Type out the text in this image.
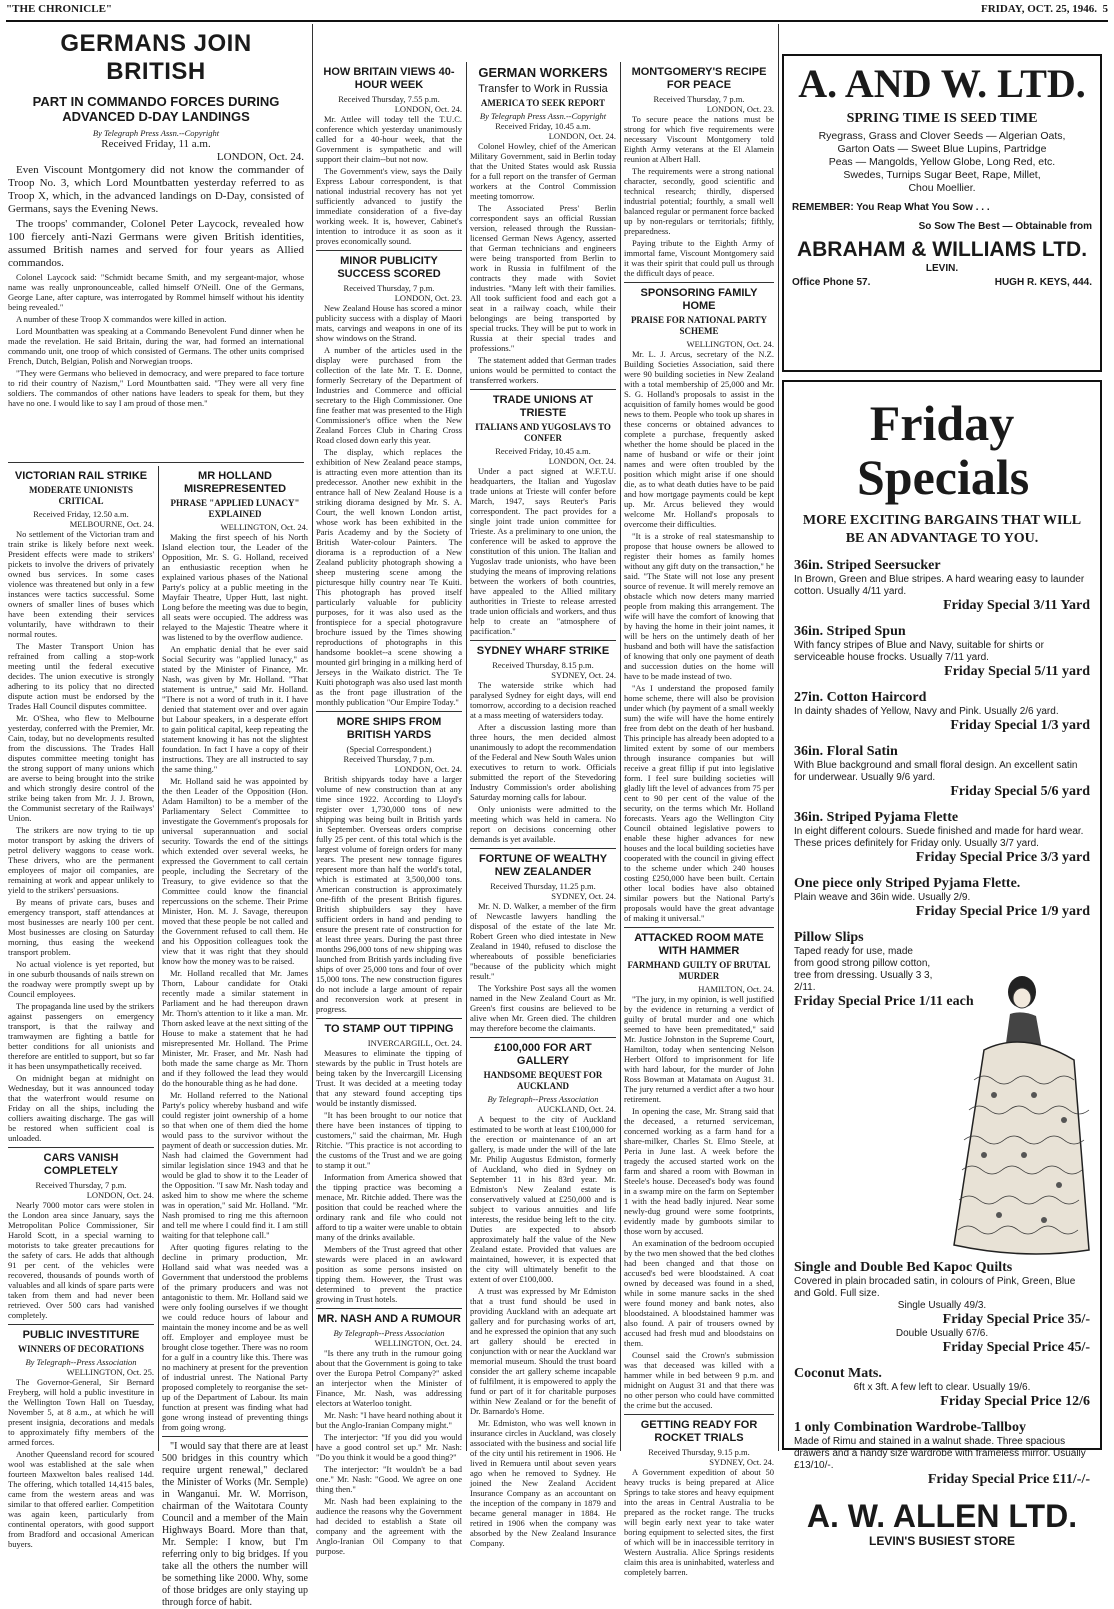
"THE CHRONICLE"	FRIDAY, OCT. 25, 1946. 5
GERMANS JOIN BRITISH
PART IN COMMANDO FORCES DURING ADVANCED D-DAY LANDINGS
By Telegraph Press Assn.--Copyright
Received Friday, 11 a.m.
LONDON, Oct. 24.

Even Viscount Montgomery did not know the commander of Troop No. 3, which Lord Mountbatten yesterday referred to as Troop X, which, in the advanced landings on D-Day, consisted of Germans, says the Evening News.

The troops' commander, Colonel Peter Laycock, revealed how 100 fiercely anti-Nazi Germans were given British identities, assumed British names and served for four years as Allied commandos.

Colonel Laycock said: "Schmidt became Smith, and my sergeant-major, whose name was really unpronounceable, called himself O'Neill. One of the Germans, George Lane, after capture, was interrogated by Rommel himself without his identity being revealed."

A number of these Troop X commandos were killed in action.

Lord Mountbatten was speaking at a Commando Benevolent Fund dinner when he made the revelation. He said Britain, during the war, had formed an international commando unit, one troop of which consisted of Germans. The other units comprised French, Dutch, Belgian, Polish and Norwegian troops.

"They were Germans who believed in democracy, and were prepared to face torture to rid their country of Nazism," Lord Mountbatten said. "They were all very fine soldiers. The commandos of other nations have leaders to speak for them, but they have no one. I would like to say I am proud of those men."

VICTORIAN RAIL STRIKE
MODERATE UNIONISTS CRITICAL
Received Friday, 12.50 a.m.
MELBOURNE, Oct. 24.

No settlement of the Victorian tram and train strike is likely before next week. President effects were made to strikers' pickets to involve the drivers of privately owned bus services. In some cases violence was threatened but only in a few instances were tactics successful. Some owners of smaller lines of buses which have been extending their services voluntarily, have withdrawn to their normal routes.

The Master Transport Union has refrained from calling a stop-work meeting until the federal executive decides. The union executive is strongly adhering to its policy that no directed dispute action must be endorsed by the Trades Hall Council disputes committee.

Mr. O'Shea, who flew to Melbourne yesterday, conferred with the Premier, Mr. Cain, today, but no developments resulted from the discussions. The Trades Hall disputes committee meeting tonight has the strong support of many unions which are averse to being brought into the strike and which strongly desire control of the strike being taken from Mr. J. J. Brown, the Communist secretary of the Railways' Union.

The strikers are now trying to tie up motor transport by asking the drivers of petrol delivery waggons to cease work. These drivers, who are the permanent employees of major oil companies, are remaining at work and appear unlikely to yield to the strikers' persuasions.

By means of private cars, buses and emergency transport, staff attendances at most businesses are nearly 100 per cent. Most businesses are closing on Saturday morning, thus easing the weekend transport problem.

No actual violence is yet reported, but in one suburb thousands of nails strewn on the roadway were promptly swept up by Council employees.

The propaganda line used by the strikers against passengers on emergency transport, is that the railway and tramwaymen are fighting a battle for better conditions for all unionists and therefore are entitled to support, but so far it has been unsympathetically received.

On midnight began at midnight on Wednesday, but it was announced today that the waterfront would resume on Friday on all the ships, including the colliers awaiting discharge. The gas will be restored when sufficient coal is unloaded.

CARS VANISH COMPLETELY
Received Thursday, 7 p.m.
LONDON, Oct. 24.

Nearly 7000 motor cars were stolen in the London area since January, says the Metropolitan Police Commissioner, Sir Harold Scott, in a special warning to motorists to take greater precautions for the safety of cars. He adds that although 91 per cent. of the vehicles were recovered, thousands of pounds worth of valuables and all kinds of spare parts were taken from them and had never been retrieved. Over 500 cars had vanished completely.

PUBLIC INVESTITURE
WINNERS OF DECORATIONS
By Telegraph--Press Association
WELLINGTON, Oct. 25.

The Governor-General, Sir Bernard Freyberg, will hold a public investiture in the Wellington Town Hall on Tuesday, November 5, at 8 a.m., at which he will present insignia, decorations and medals to approximately fifty members of the armed forces.

Another Queensland record for scoured wool was established at the sale when fourteen Maxwelton bales realised 14d. The offering, which totalled 14,415 bales, came from the western areas and was similar to that offered earlier. Competition was again keen, particularly from continental operators, with good support from Bradford and occasional American buyers.

MR HOLLAND MISREPRESENTED
PHRASE "APPLIED LUNACY" EXPLAINED
WELLINGTON, Oct. 24.

Making the first speech of his North Island election tour, the Leader of the Opposition, Mr. S. G. Holland, received an enthusiastic reception when he explained various phases of the National Party's policy at a public meeting in the Mayfair Theatre, Upper Hutt, last night. Long before the meeting was due to begin, all seats were occupied. The address was relayed to the Majestic Theatre where it was listened to by the overflow audience.

An emphatic denial that he ever said Social Security was "applied lunacy," as stated by the Minister of Finance, Mr. Nash, was given by Mr. Holland. "That statement is untrue," said Mr. Holland. "There is not a word of truth in it. I have denied that statement over and over again but Labour speakers, in a desperate effort to gain political capital, keep repeating the statement knowing it has not the slightest foundation. In fact I have a copy of their instructions. They are all instructed to say the same thing."

Mr. Holland said he was appointed by the then Leader of the Opposition (Hon. Adam Hamilton) to be a member of the Parliamentary Select Committee to investigate the Government's proposals for universal superannuation and social security. Towards the end of the sittings which extended over several weeks, he expressed the Government to call certain people, including the Secretary of the Treasury, to give evidence so that the Committee could know the financial repercussions on the scheme. Their Prime Minister, Hon. M. J. Savage, thereupon moved that these people be not called and the Government refused to call them. He and his Opposition colleagues took the view that it was right that they should know how the money was to be raised.

Mr. Holland recalled that Mr. James Thorn, Labour candidate for Otaki recently made a similar statement in Parliament and he had thereupon drawn Mr. Thorn's attention to it like a man. Mr. Thorn asked leave at the next sitting of the House to make a statement that he had misrepresented Mr. Holland. The Prime Minister, Mr. Fraser, and Mr. Nash had both made the same charge as Mr. Thorn and if they followed the lead they would do the honourable thing as he had done.

Mr. Holland referred to the National Party's policy whereby husband and wife could register joint ownership of a home so that when one of them died the home would pass to the survivor without the payment of death or succession duties. Mr. Nash had claimed the Government had similar legislation since 1943 and that he would be glad to show it to the Leader of the Opposition. "I saw Mr. Nash today and asked him to show me where the scheme was in operation," said Mr. Holland. "Mr. Nash promised to ring me this afternoon and tell me where I could find it. I am still waiting for that telephone call."

After quoting figures relating to the decline in primary production, Mr. Holland said what was needed was a Government that understood the problems of the primary producers and was not antagonistic to them. Mr. Holland said we were only fooling ourselves if we thought we could reduce hours of labour and maintain the money income and be as well off. Employer and employee must be brought close together. There was no room for a gulf in a country like this. There was no machinery at present for the prevention of industrial unrest. The National Party proposed completely to reorganise the set-up of the Department of Labour. Its main function at present was finding what had gone wrong instead of preventing things from going wrong.

"I would say that there are at least 500 bridges in this country which require urgent renewal," declared the Minister of Works (Mr. Semple) in Wanganui. Mr. W. Morrison, chairman of the Waitotara County Council and a member of the Main Highways Board. More than that, Mr. Semple: I know, but I'm referring only to big bridges. If you take all the others the number will be something like 2000. Why, some of those bridges are only staying up through force of habit.

HOW BRITAIN VIEWS 40-HOUR WEEK
Received Thursday, 7.55 p.m.
LONDON, Oct. 24.

Mr. Attlee will today tell the T.U.C. conference which yesterday unanimously called for a 40-hour week, that the Government is sympathetic and will support their claim--but not now.

The Government's view, says the Daily Express Labour correspondent, is that national industrial recovery has not yet sufficiently advanced to justify the immediate consideration of a five-day working week. It is, however, Cabinet's intention to introduce it as soon as it proves economically sound.

MINOR PUBLICITY SUCCESS SCORED
Received Thursday, 7 p.m.
LONDON, Oct. 23.

New Zealand House has scored a minor publicity success with a display of Maori mats, carvings and weapons in one of its show windows on the Strand.

A number of the articles used in the display were purchased from the collection of the late Mr. T. E. Donne, formerly Secretary of the Department of Industries and Commerce and official secretary to the High Commissioner. One fine feather mat was presented to the High Commissioner's office when the New Zealand Forces Club in Charing Cross Road closed down early this year.

The display, which replaces the exhibition of New Zealand peace stamps, is attracting even more attention than its predecessor. Another new exhibit in the entrance hall of New Zealand House is a striking diorama designed by Mr. S. A. Court, the well known London artist, whose work has been exhibited in the Paris Academy and by the Society of British Water-colour Painters. The diorama is a reproduction of a New Zealand publicity photograph showing a sheep mustering scene among the picturesque hilly country near Te Kuiti. This photograph has proved itself particularly valuable for publicity purposes, for it was also used as the frontispiece for a special photogravure brochure issued by the Times showing reproductions of photographs in this handsome booklet--a scene showing a mounted girl bringing in a milking herd of Jerseys in the Waikato district. The Te Kuiti photograph was also used last month as the front page illustration of the monthly publication "Our Empire Today."

MORE SHIPS FROM BRITISH YARDS
(Special Correspondent.)
Received Thursday, 7 p.m.
LONDON, Oct. 24.

British shipyards today have a larger volume of new construction than at any time since 1922. According to Lloyd's register over 1,730,000 tons of new shipping was being built in British yards in September. Overseas orders comprise fully 25 per cent. of this total which is the largest volume of foreign orders for many years. The present new tonnage figures represent more than half the world's total, which is estimated at 3,500,000 tons. American construction is approximately one-fifth of the present British figures. British shipbuilders say they have sufficient orders in hand and pending to ensure the present rate of construction for at least three years. During the past three months 296,000 tons of new shipping was launched from British yards including five ships of over 25,000 tons and four of over 15,000 tons. The new construction figures do not include a large amount of repair and reconversion work at present in progress.

TO STAMP OUT TIPPING
INVERCARGILL, Oct. 24.

Measures to eliminate the tipping of stewards by the public in Trust hotels are being taken by the Invercargill Licensing Trust. It was decided at a meeting today that any steward found accepting tips would be instantly dismissed.

"It has been brought to our notice that there have been instances of tipping to customers," said the chairman, Mr. Hugh Ritchie. "This practice is not according to the customs of the Trust and we are going to stamp it out."

Information from America showed that the tipping practice was becoming a menace, Mr. Ritchie added. There was the position that could be reached where the ordinary rank and file who could not afford to tip a waiter were unable to obtain many of the drinks available.

Members of the Trust agreed that other stewards were placed in an awkward position as some persons insisted on tipping them. However, the Trust was determined to prevent the practice growing in Trust hotels.

MR. NASH AND A RUMOUR
By Telegraph--Press Association
WELLINGTON, Oct. 24.

"Is there any truth in the rumour going about that the Government is going to take over the Europa Petrol Company?" asked an interjector when the Minister of Finance, Mr. Nash, was addressing electors at Waterloo tonight.

Mr. Nash: "I have heard nothing about it but the Anglo-Iranian Company might."

The interjector: "If you did you would have a good control set up." Mr. Nash: "Do you think it would be a good thing?"

The interjector: "It wouldn't be a bad one." Mr. Nash: "Good. We agree on one thing then."

Mr. Nash had been explaining to the audience the reasons why the Government had decided to establish a State oil company and the agreement with the Anglo-Iranian Oil Company to that purpose.

GERMAN WORKERS
Transfer to Work in Russia
AMERICA TO SEEK REPORT
By Telegraph Press Assn.--Copyright
Received Friday, 10.45 a.m.
LONDON, Oct. 24.

Colonel Howley, chief of the American Military Government, said in Berlin today that the United States would ask Russia for a full report on the transfer of German workers at the Control Commission meeting tomorrow.

The Associated Press' Berlin correspondent says an official Russian version, released through the Russian-licensed German News Agency, asserted that German technicians and engineers were being transported from Berlin to work in Russia in fulfilment of the contracts they made with Soviet industries. "Many left with their families. All took sufficient food and each got a seat in a railway coach, while their belongings are being transported by special trucks. They will be put to work in Russia at their special trades and professions."

The statement added that German trades unions would be permitted to contact the transferred workers.

TRADE UNIONS AT TRIESTE
ITALIANS AND YUGOSLAVS TO CONFER
Received Friday, 10.45 a.m.
LONDON, Oct. 24.

Under a pact signed at W.F.T.U. headquarters, the Italian and Yugoslav trade unions at Trieste will confer before March, 1947, says Reuter's Paris correspondent. The pact provides for a single joint trade union committee for Trieste. As a preliminary to one union, the conference will be asked to approve the constitution of this union. The Italian and Yugoslav trade unionists, who have been studying the means of improving relations between the workers of both countries, have appealed to the Allied military authorities in Trieste to release arrested trade union officials and workers, and thus help to create an "atmosphere of pacification."

SYDNEY WHARF STRIKE
Received Thursday, 8.15 p.m.
SYDNEY, Oct. 24.

The waterside strike which had paralysed Sydney for eight days, will end tomorrow, according to a decision reached at a mass meeting of watersiders today.

After a discussion lasting more than three hours, the men decided almost unanimously to adopt the recommendation of the Federal and New South Wales union executives to return to work. Officials submitted the report of the Stevedoring Industry Commission's order abolishing Saturday morning calls for labour.

Only unionists were admitted to the meeting which was held in camera. No report on decisions concerning other demands is yet available.

FORTUNE OF WEALTHY NEW ZEALANDER
Received Thursday, 11.25 p.m.
SYDNEY, Oct. 24.

Mr. N. D. Walker, a member of the firm of Newcastle lawyers handling the disposal of the estate of the late Mr. Robert Green who died intestate in New Zealand in 1940, refused to disclose the whereabouts of possible beneficiaries "because of the publicity which might result."

The Yorkshire Post says all the women named in the New Zealand Court as Mr. Green's first cousins are believed to be alive when Mr. Green died. The children may therefore become the claimants.

£100,000 FOR ART GALLERY
HANDSOME BEQUEST FOR AUCKLAND
By Telegraph--Press Association
AUCKLAND, Oct. 24.

A bequest to the city of Auckland estimated to be worth at least £100,000 for the erection or maintenance of an art gallery, is made under the will of the late Mr. Philip Augustus Edmiston, formerly of Auckland, who died in Sydney on September 11 in his 83rd year. Mr. Edmiston's New Zealand estate is conservatively valued at £250,000 and is subject to various annuities and life interests, the residue being left to the city. Duties are expected to absorb approximately half the value of the New Zealand estate. Provided that values are maintained, however, it is expected that the city will ultimately benefit to the extent of over £100,000.

A trust was expressed by Mr Edmiston that a trust fund should be used in providing Auckland with an adequate art gallery and for purchasing works of art, and he expressed the opinion that any such art gallery should be erected in conjunction with or near the Auckland war memorial museum. Should the trust board consider the art gallery scheme incapable of fulfilment, it is empowered to apply the fund or part of it for charitable purposes within New Zealand or for the benefit of Dr. Barnardo's Home.

Mr. Edmiston, who was well known in insurance circles in Auckland, was closely associated with the business and social life of the city until his retirement in 1906. He lived in Remuera until about seven years ago when he removed to Sydney. He joined the New Zealand Accident Insurance Company as an accountant on the inception of the company in 1879 and became general manager in 1884. He retired in 1906 when the company was absorbed by the New Zealand Insurance Company.

MONTGOMERY'S RECIPE FOR PEACE
Received Thursday, 7 p.m.
LONDON, Oct. 23.

To secure peace the nations must be strong for which five requirements were necessary Viscount Montgomery told Eighth Army veterans at the El Alamein reunion at Albert Hall.

The requirements were a strong national character, secondly, good scientific and technical research; thirdly, dispersed industrial potential; fourthly, a small well balanced regular or permanent force backed up by non-regulars or territorials; fifthly, preparedness.

Paying tribute to the Eighth Army of immortal fame, Viscount Montgomery said it was their spirit that could pull us through the difficult days of peace.

SPONSORING FAMILY HOME
PRAISE FOR NATIONAL PARTY SCHEME
WELLINGTON, Oct. 24.

Mr. L. J. Arcus, secretary of the N.Z. Building Societies Association, said there were 90 building societies in New Zealand with a total membership of 25,000 and Mr. S. G. Holland's proposals to assist in the acquisition of family homes would be good news to them. People who took up shares in these concerns or obtained advances to complete a purchase, frequently asked whether the home should be placed in the name of husband or wife or their joint names and were often troubled by the position which might arise if one should die, as to what death duties have to be paid and how mortgage payments could be kept up. Mr. Arcus believed they would welcome Mr. Holland's proposals to overcome their difficulties.

"It is a stroke of real statesmanship to propose that house owners be allowed to register their homes as family homes without any gift duty on the transaction," he said. "The State will not lose any present source of revenue. It will merely remove an obstacle which now deters many married people from making this arrangement. The wife will have the comfort of knowing that by having the home in their joint names, it will be hers on the untimely death of her husband and both will have the satisfaction of knowing that only one payment of death and succession duties on the home will have to be made instead of two.

"As I understand the proposed family home scheme, there will also be provision under which (by payment of a small weekly sum) the wife will have the home entirely free from debt on the death of her husband. This principle has already been adopted to a limited extent by some of our members through insurance companies but will receive a great fillip if put into legislative form. I feel sure building societies will gladly lift the level of advances from 75 per cent to 90 per cent of the value of the security, on the terms which Mr. Holland forecasts. Years ago the Wellington City Council obtained legislative powers to enable these higher advances for new houses and the local building societies have cooperated with the council in giving effect to the scheme under which 240 houses costing £250,000 have been built. Certain other local bodies have also obtained similar powers but the National Party's proposals would have the great advantage of making it universal."

ATTACKED ROOM MATE WITH HAMMER
FARMHAND GUILTY OF BRUTAL MURDER
HAMILTON, Oct. 24.

"The jury, in my opinion, is well justified by the evidence in returning a verdict of guilty of brutal murder and one which seemed to have been premeditated," said Mr. Justice Johnston in the Supreme Court, Hamilton, today when sentencing Nelson Herbert Olford to imprisonment for life with hard labour, for the murder of John Ross Bowman at Matamata on August 31. The jury returned a verdict after a two hour retirement.

In opening the case, Mr. Strang said that the deceased, a returned serviceman, concerned working as a farm hand for a share-milker, Charles St. Elmo Steele, at Peria in June last. A week before the tragedy the accused started work on the farm and shared a room with Bowman in Steele's house. Deceased's body was found in a swamp mire on the farm on September 1 with the head badly injured. Near some newly-dug ground were some footprints, evidently made by gumboots similar to those worn by accused.

An examination of the bedroom occupied by the two men showed that the bed clothes had been changed and that those on accused's bed were bloodstained. A coat owned by deceased was found in a shed, while in some manure sacks in the shed were found money and bank notes, also bloodstained. A bloodstained hammer was also found. A pair of trousers owned by accused had fresh mud and bloodstains on them.

Counsel said the Crown's submission was that deceased was killed with a hammer while in bed between 9 p.m. and midnight on August 31 and that there was no other person who could have committed the crime but the accused.

GETTING READY FOR ROCKET TRIALS
Received Thursday, 9.15 p.m.
SYDNEY, Oct. 24.

A Government expedition of about 50 heavy trucks is being prepared at Alice Springs to take stores and heavy equipment into the areas in Central Australia to be prepared as the rocket range. The trucks will begin early next year to take water boring equipment to selected sites, the first of which will be in inaccessible territory in Western Australia. Alice Springs residents claim this area is uninhabited, waterless and completely barren.

A. AND W. LTD.
SPRING TIME IS SEED TIME
Ryegrass, Grass and Clover Seeds — Algerian Oats,
Garton Oats — Sweet Blue Lupins, Partridge
Peas — Mangolds, Yellow Globe, Long Red, etc.
Swedes, Turnips Sugar Beet, Rape, Millet,
Chou Moellier.
REMEMBER: You Reap What You Sow . . .
So Sow The Best — Obtainable from
ABRAHAM & WILLIAMS LTD.
LEVIN.
Office Phone 57.	HUGH R. KEYS, 444.
Friday Specials
MORE EXCITING BARGAINS THAT WILL BE AN ADVANTAGE TO YOU.
36in. Striped Seersucker
In Brown, Green and Blue stripes. A hard wearing easy to launder cotton. Usually 4/11 yard.
Friday Special 3/11 Yard
36in. Striped Spun
With fancy stripes of Blue and Navy, suitable for shirts or serviceable house frocks. Usually 7/11 yard.
Friday Special 5/11 yard
27in. Cotton Haircord
In dainty shades of Yellow, Navy and Pink. Usually 2/6 yard.
Friday Special 1/3 yard
36in. Floral Satin
With Blue background and small floral design. An excellent satin for underwear. Usually 9/6 yard.
Friday Special 5/6 yard
36in. Striped Pyjama Flette
In eight different colours. Suede finished and made for hard wear. These prices definitely for Friday only. Usually 3/7 yard.
Friday Special Price 3/3 yard
One piece only Striped Pyjama Flette.
Plain weave and 36in wide. Usually 2/9.
Friday Special Price 1/9 yard
Pillow Slips
Taped ready for use, made from good strong pillow cotton, tree from dressing. Usually 3 3, 2/11.
Friday Special Price 1/11 each
Single and Double Bed Kapoc Quilts
Covered in plain brocaded satin, in colours of Pink, Green, Blue and Gold. Full size.
Single Usually 49/3.
Friday Special Price 35/-
Double Usually 67/6.
Friday Special Price 45/-
Coconut Mats.
6ft x 3ft. A few left to clear. Usually 19/6.
Friday Special Price 12/6
1 only Combination Wardrobe-Tallboy
Made of Rimu and stained in a walnut shade. Three spacious drawers and a handy size wardrobe with frameless mirror. Usually £13/10/-.
Friday Special Price £11/-/-
A. W. ALLEN LTD.
LEVIN'S BUSIEST STORE
